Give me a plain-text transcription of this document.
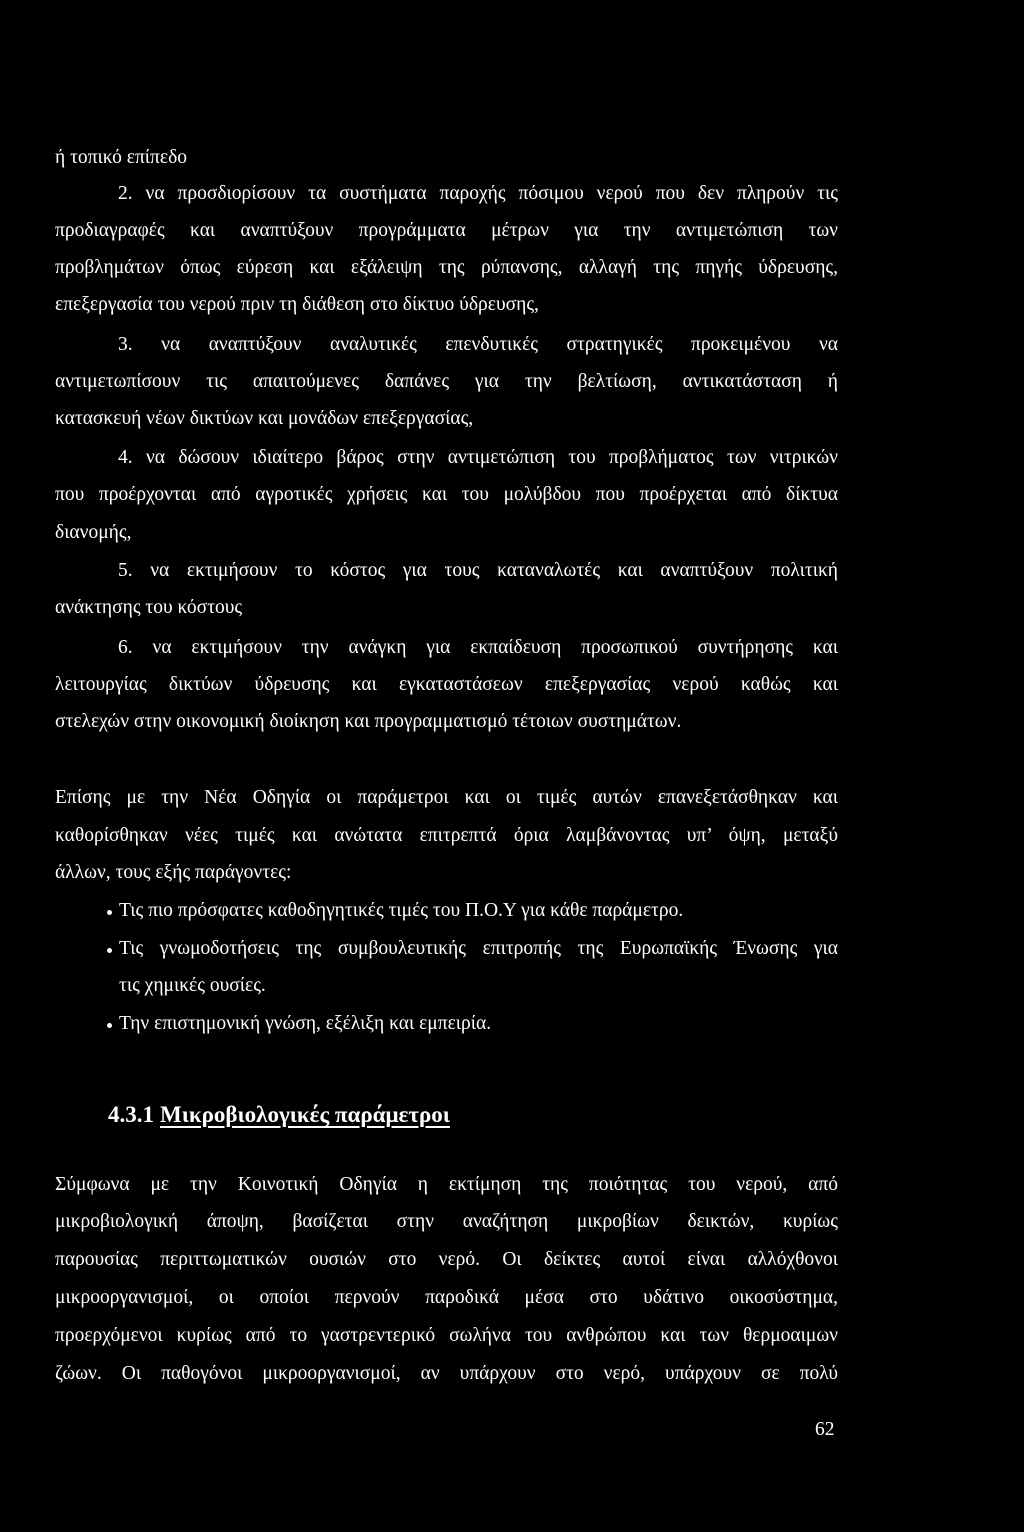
ή τοπικό επίπεδο
2. να προσδιορίσουν τα συστήματα παροχής πόσιμου νερού που δεν πληρούν τις
προδιαγραφές και αναπτύξουν προγράμματα μέτρων για την αντιμετώπιση των
προβλημάτων όπως εύρεση και εξάλειψη της ρύπανσης, αλλαγή της πηγής ύδρευσης,
επεξεργασία του νερού πριν τη διάθεση στο δίκτυο ύδρευσης,
3. να αναπτύξουν αναλυτικές επενδυτικές στρατηγικές προκειμένου να
αντιμετωπίσουν τις απαιτούμενες δαπάνες για την βελτίωση, αντικατάσταση ή
κατασκευή νέων δικτύων και μονάδων επεξεργασίας,
4. να δώσουν ιδιαίτερο βάρος στην αντιμετώπιση του προβλήματος των νιτρικών
που προέρχονται από αγροτικές χρήσεις και του μολύβδου που προέρχεται από δίκτυα
διανομής,
5. να εκτιμήσουν το κόστος για τους καταναλωτές και αναπτύξουν πολιτική
ανάκτησης του κόστους
6. να εκτιμήσουν την ανάγκη για εκπαίδευση προσωπικού συντήρησης και
λειτουργίας δικτύων ύδρευσης και εγκαταστάσεων επεξεργασίας νερού καθώς και
στελεχών στην οικονομική διοίκηση και προγραμματισμό τέτοιων συστημάτων.
Επίσης με την Νέα Οδηγία οι παράμετροι και οι τιμές αυτών επανεξετάσθηκαν και
καθορίσθηκαν νέες τιμές και ανώτατα επιτρεπτά όρια λαμβάνοντας υπ’ όψη, μεταξύ
άλλων, τους εξής παράγοντες:
Τις πιο πρόσφατες καθοδηγητικές τιμές του Π.Ο.Υ για κάθε παράμετρο.
Τις γνωμοδοτήσεις της συμβουλευτικής επιτροπής της Ευρωπαϊκής Ένωσης για
τις χημικές ουσίες.
Την επιστημονική γνώση, εξέλιξη και εμπειρία.
4.3.1 Μικροβιολογικές παράμετροι
Σύμφωνα με την Κοινοτική Οδηγία η εκτίμηση της ποιότητας του νερού, από
μικροβιολογική άποψη, βασίζεται στην αναζήτηση μικροβίων δεικτών, κυρίως
παρουσίας περιττωματικών ουσιών στο νερό. Οι δείκτες αυτοί είναι αλλόχθονοι
μικροοργανισμοί, οι οποίοι περνούν παροδικά μέσα στο υδάτινο οικοσύστημα,
προερχόμενοι κυρίως από το γαστρεντερικό σωλήνα του ανθρώπου και των θερμοαιμων
ζώων. Οι παθογόνοι μικροοργανισμοί, αν υπάρχουν στο νερό, υπάρχουν σε πολύ
62
